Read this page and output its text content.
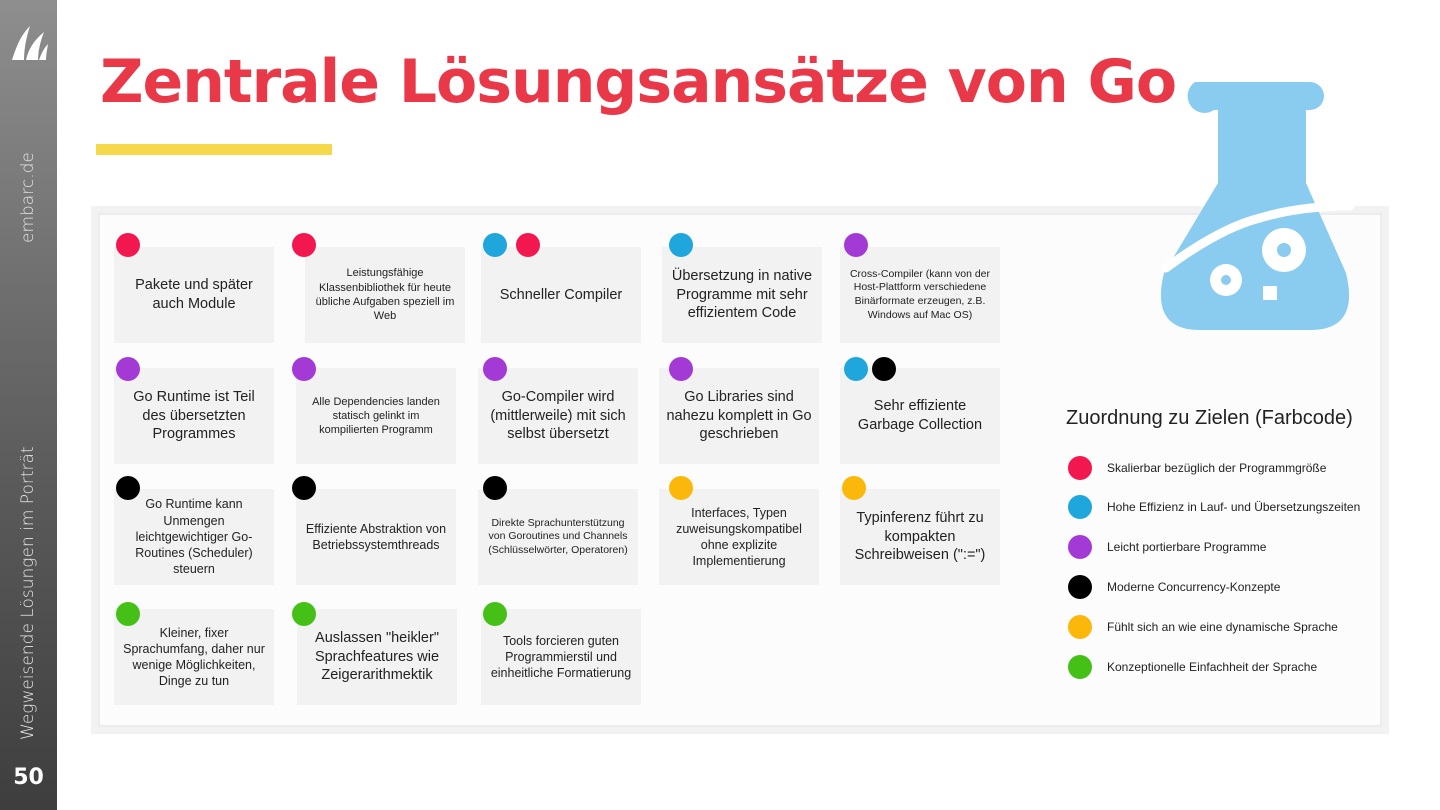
embarc.de
Wegweisende Lösungen im Porträt
50
Zentrale Lösungsansätze von Go
Pakete und später auch Module
Leistungsfähige Klassenbibliothek für heute übliche Aufgaben speziell im Web
Schneller Compiler
Übersetzung in native Programme mit sehr effizientem Code
Cross-Compiler (kann von der Host-Plattform verschiedene Binärformate erzeugen, z.B. Windows auf Mac OS)
Go Runtime ist Teil des übersetzten Programmes
Alle Dependencies landen statisch gelinkt im kompilierten Programm
Go-Compiler wird (mittlerweile) mit sich selbst übersetzt
Go Libraries sind nahezu komplett in Go geschrieben
Sehr effiziente Garbage Collection
Go Runtime kann Unmengen leichtgewichtiger Go-Routines (Scheduler) steuern
Effiziente Abstraktion von Betriebssystemthreads
Direkte Sprachunterstützung von Goroutines und Channels (Schlüsselwörter, Operatoren)
Interfaces, Typen zuweisungskompatibel ohne explizite Implementierung
Typinferenz führt zu kompakten Schreibweisen (":=")
Kleiner, fixer Sprachumfang, daher nur wenige Möglichkeiten, Dinge zu tun
Auslassen "heikler" Sprachfeatures wie Zeigerarithmektik
Tools forcieren guten Programmierstil und einheitliche Formatierung
Zuordnung zu Zielen (Farbcode)
Skalierbar bezüglich der Programmgröße
Hohe Effizienz in Lauf- und Übersetzungszeiten
Leicht portierbare Programme
Moderne Concurrency-Konzepte
Fühlt sich an wie eine dynamische Sprache
Konzeptionelle Einfachheit der Sprache
